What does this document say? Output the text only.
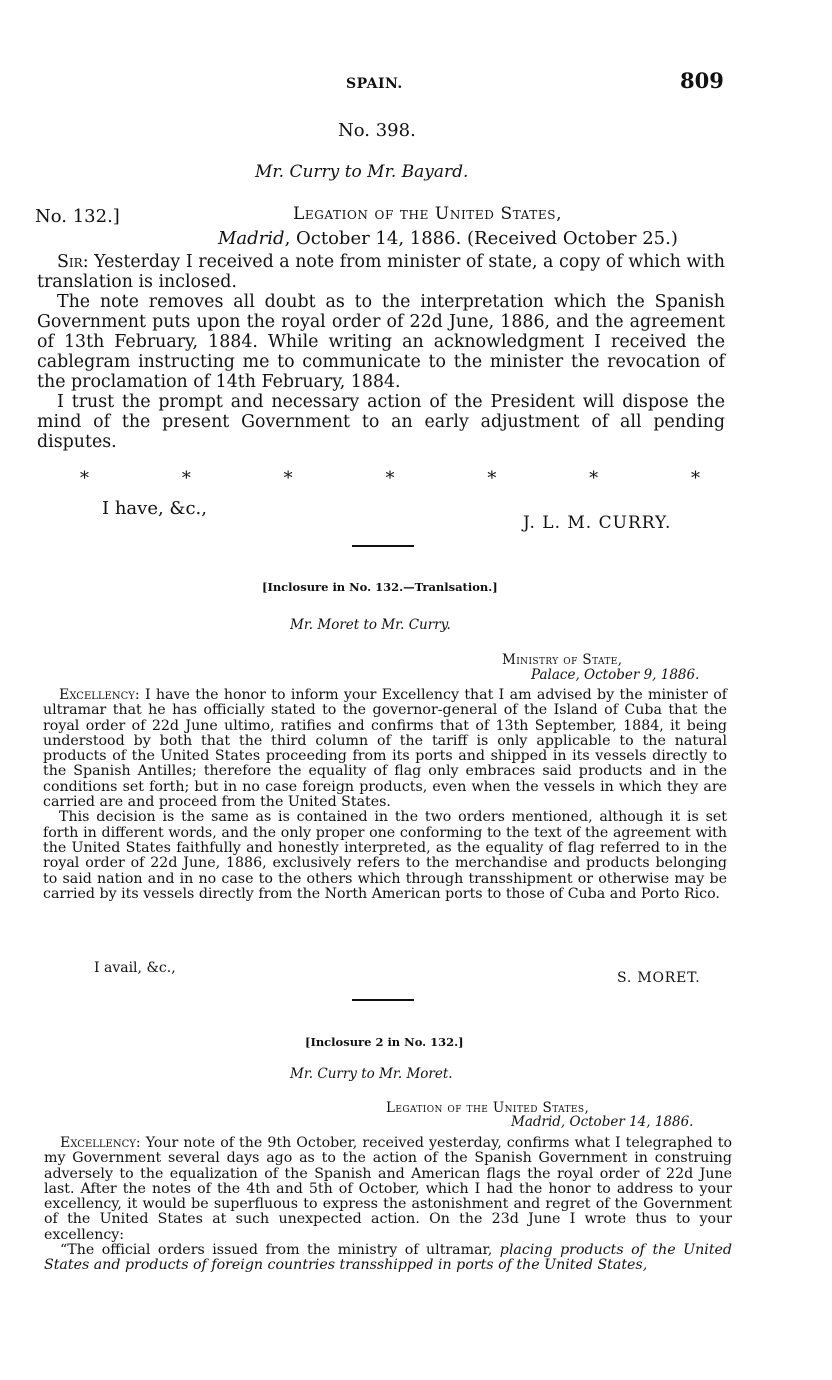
SPAIN.	809
No. 398.
Mr. Curry to Mr. Bayard.
No. 132.]	Legation of the United States,
Madrid, October 14, 1886. (Received October 25.)

Sir: Yesterday I received a note from minister of state, a copy of which with translation is inclosed.

The note removes all doubt as to the interpretation which the Spanish Government puts upon the royal order of 22d June, 1886, and the agreement of 13th February, 1884. While writing an acknowledgment I received the cablegram instructing me to communicate to the minister the revocation of the proclamation of 14th February, 1884.

I trust the prompt and necessary action of the President will dispose the mind of the present Government to an early adjustment of all pending disputes.

*	*	*	*	*	*	*
I have, &c.,
J. L. M. CURRY.
[Inclosure in No. 132.—Tranlsation.]
Mr. Moret to Mr. Curry.
Ministry of State,
Palace, October 9, 1886.

Excellency: I have the honor to inform your Excellency that I am advised by the minister of ultramar that he has officially stated to the governor-general of the Island of Cuba that the royal order of 22d June ultimo, ratifies and confirms that of 13th September, 1884, it being understood by both that the third column of the tariff is only applicable to the natural products of the United States proceeding from its ports and shipped in its vessels directly to the Spanish Antilles; therefore the equality of flag only embraces said products and in the conditions set forth; but in no case foreign products, even when the vessels in which they are carried are and proceed from the United States.

This decision is the same as is contained in the two orders mentioned, although it is set forth in different words, and the only proper one conforming to the text of the agreement with the United States faithfully and honestly interpreted, as the equality of flag referred to in the royal order of 22d June, 1886, exclusively refers to the merchandise and products belonging to said nation and in no case to the others which through transshipment or otherwise may be carried by its vessels directly from the North American ports to those of Cuba and Porto Rico.

I avail, &c.,
S. MORET.
[Inclosure 2 in No. 132.]
Mr. Curry to Mr. Moret.
Legation of the United States,
Madrid, October 14, 1886.

Excellency: Your note of the 9th October, received yesterday, confirms what I telegraphed to my Government several days ago as to the action of the Spanish Government in construing adversely to the equalization of the Spanish and American flags the royal order of 22d June last. After the notes of the 4th and 5th of October, which I had the honor to address to your excellency, it would be superfluous to express the astonishment and regret of the Government of the United States at such unexpected action. On the 23d June I wrote thus to your excellency:

“The official orders issued from the ministry of ultramar, placing products of the United States and products of foreign countries transshipped in ports of the United States,
